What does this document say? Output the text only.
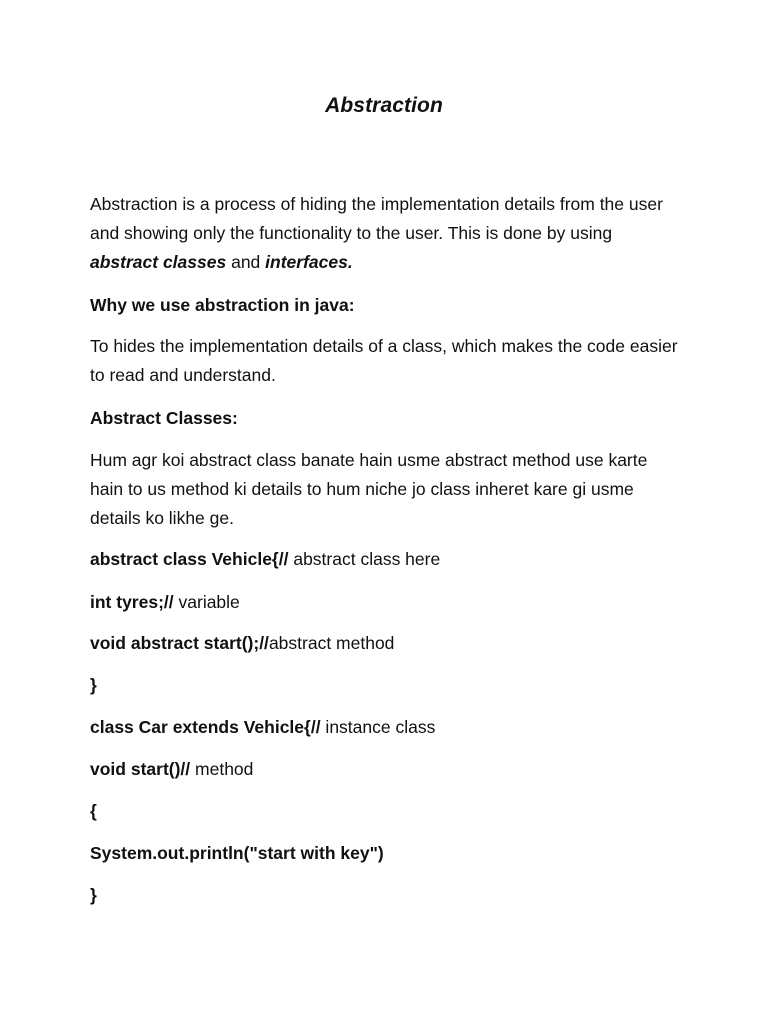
Abstraction

Abstraction is a process of hiding the implementation details from the user and showing only the functionality to the user. This is done by using abstract classes and interfaces.

Why we use abstraction in java:

To hides the implementation details of a class, which makes the code easier to read and understand.

Abstract Classes:

Hum agr koi abstract class banate hain usme abstract method use karte hain to us method ki details to hum niche jo class inheret kare gi usme details ko likhe ge.

abstract class Vehicle{// abstract class here
int tyres;// variable
void abstract start();//abstract method
}
class Car extends Vehicle{// instance class
void start()// method
{
System.out.println("start with key")
}
